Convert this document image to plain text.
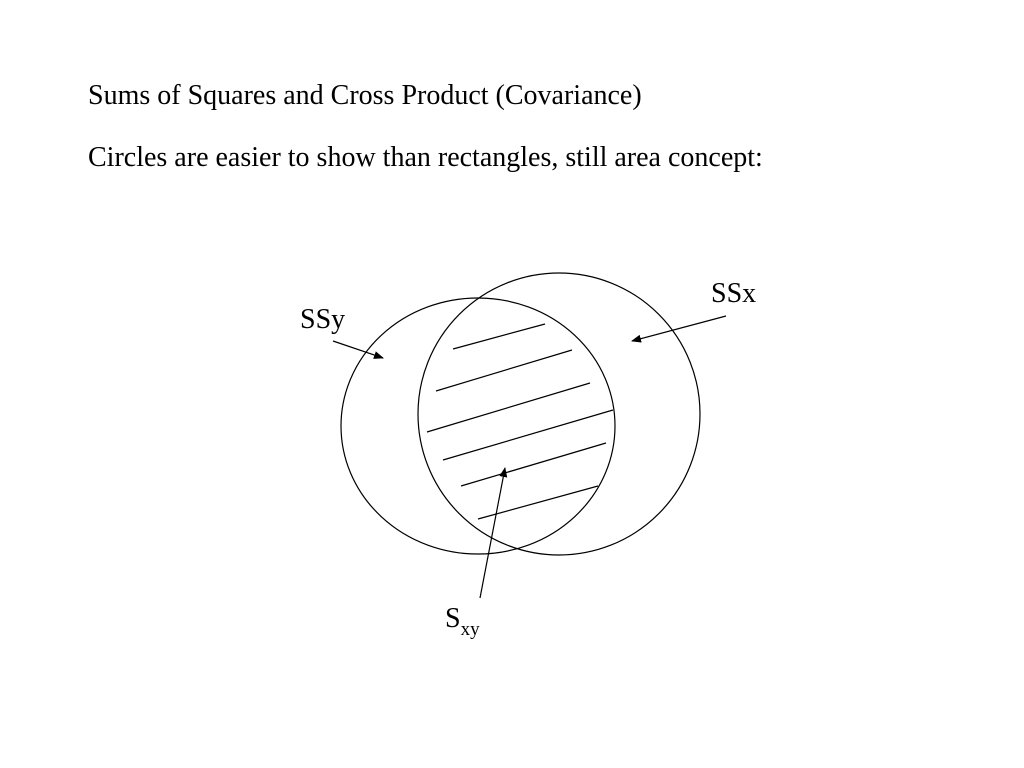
Sums of Squares and Cross Product (Covariance)

Circles are easier to show than rectangles, still area concept:

SSy
SSx
$S_{xy}$
